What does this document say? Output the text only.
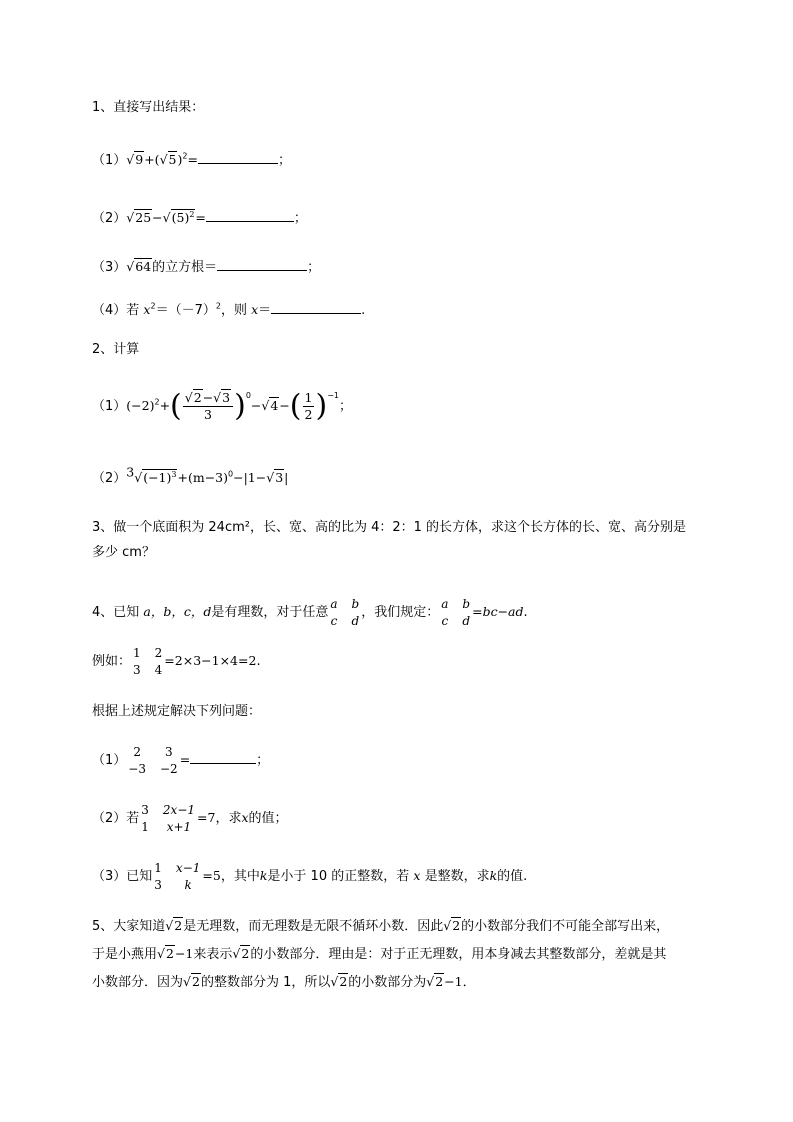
1、直接写出结果：
$(1)√9+(√5)^2=$	；
$(2)√25-√(5)^2=$	；
（3）√64的立方根＝	；
（4）若 $x^2=(-7)^2$，则 x＝	.
2、计算
$(1)(-2)^2+( \frac{√2-√3}{3} )^0-√4-( \frac{1}{2} )^{-1}$；
$(2)^3√(-1)^3+(m-3)^0-|1-√3|$
3、做一个底面积为 24cm²，长、宽、高的比为 4：2：1 的长方体，求这个长方体的长、宽、高分别是
多少 cm？
4、已知 a，b，c，d是有理数，对于任意
a b
c d
，我们规定：
a b
c d
=bc−ad.
例如：
1 2
3 4
=2×3−1×4=2.
根据上述规定解决下列问题：
（1）
2	3
−3 −2
=	；
（2）若
3 2x−1
1	x+1
=7，求x的值；
（3）已知
1 x−1
3	k
=5，其中k是小于 10 的正整数，若 x 是整数，求k的值.
5、大家知道√2是无理数，而无理数是无限不循环小数．因此√2的小数部分我们不可能全部写出来，
于是小燕用√2−1来表示√2的小数部分．理由是：对于正无理数，用本身减去其整数部分，差就是其
小数部分．因为√2的整数部分为 1，所以√2的小数部分为√2−1．
